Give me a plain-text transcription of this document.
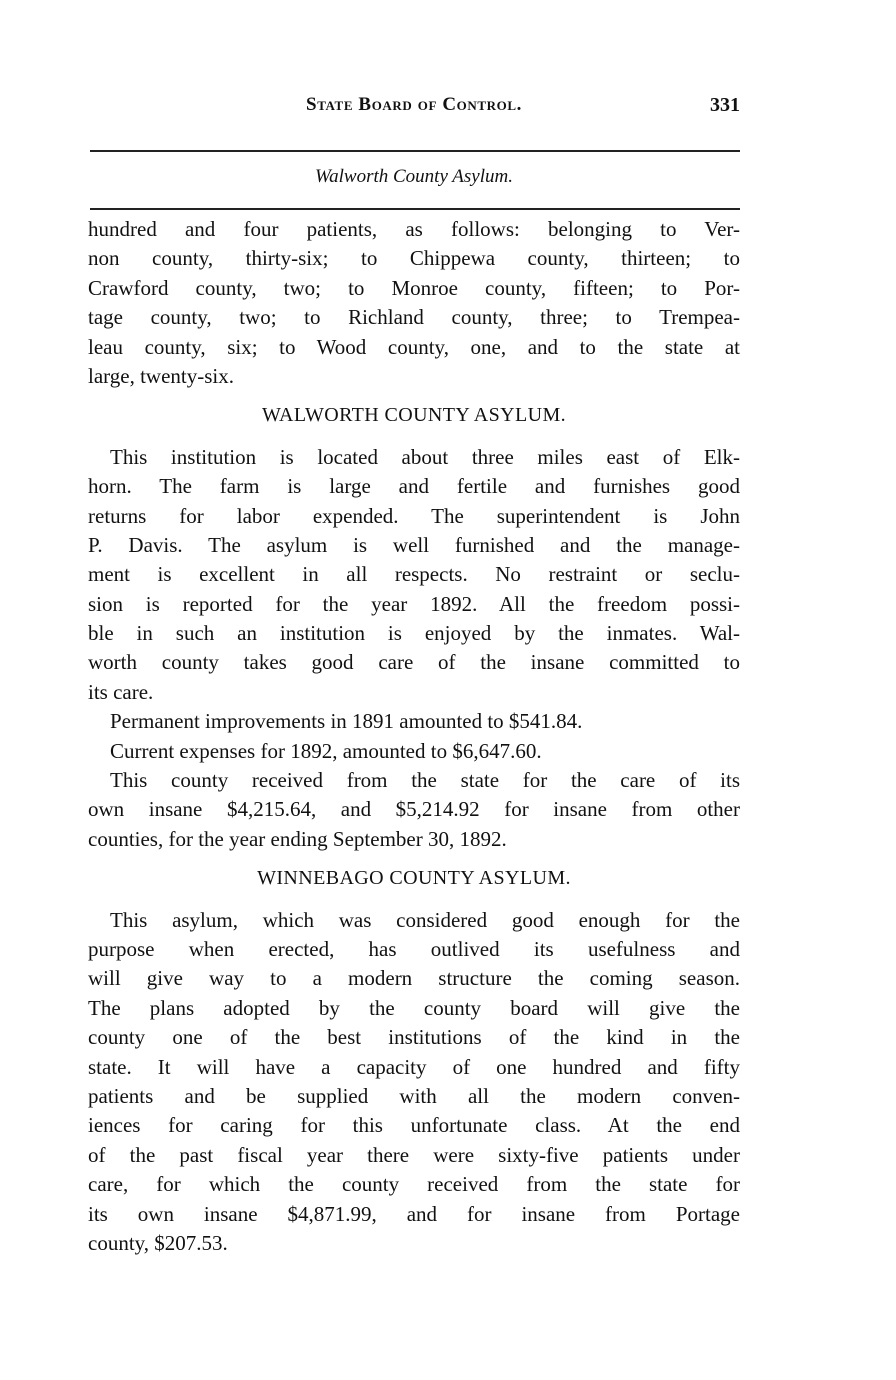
State Board of Control.	331
Walworth County Asylum.
hundred and four patients, as follows: belonging to Ver-
non county, thirty-six; to Chippewa county, thirteen; to
Crawford county, two; to Monroe county, fifteen; to Por-
tage county, two; to Richland county, three; to Trempea-
leau county, six; to Wood county, one, and to the state at
large, twenty-six.
WALWORTH COUNTY ASYLUM.
This institution is located about three miles east of Elk-
horn. The farm is large and fertile and furnishes good
returns for labor expended. The superintendent is John
P. Davis. The asylum is well furnished and the manage-
ment is excellent in all respects. No restraint or seclu-
sion is reported for the year 1892. All the freedom possi-
ble in such an institution is enjoyed by the inmates. Wal-
worth county takes good care of the insane committed to
its care.
Permanent improvements in 1891 amounted to $541.84.
Current expenses for 1892, amounted to $6,647.60.
This county received from the state for the care of its
own insane $4,215.64, and $5,214.92 for insane from other
counties, for the year ending September 30, 1892.
WINNEBAGO COUNTY ASYLUM.
This asylum, which was considered good enough for the
purpose when erected, has outlived its usefulness and
will give way to a modern structure the coming season.
The plans adopted by the county board will give the
county one of the best institutions of the kind in the
state. It will have a capacity of one hundred and fifty
patients and be supplied with all the modern conven-
iences for caring for this unfortunate class. At the end
of the past fiscal year there were sixty-five patients under
care, for which the county received from the state for
its own insane $4,871.99, and for insane from Portage
county, $207.53.
